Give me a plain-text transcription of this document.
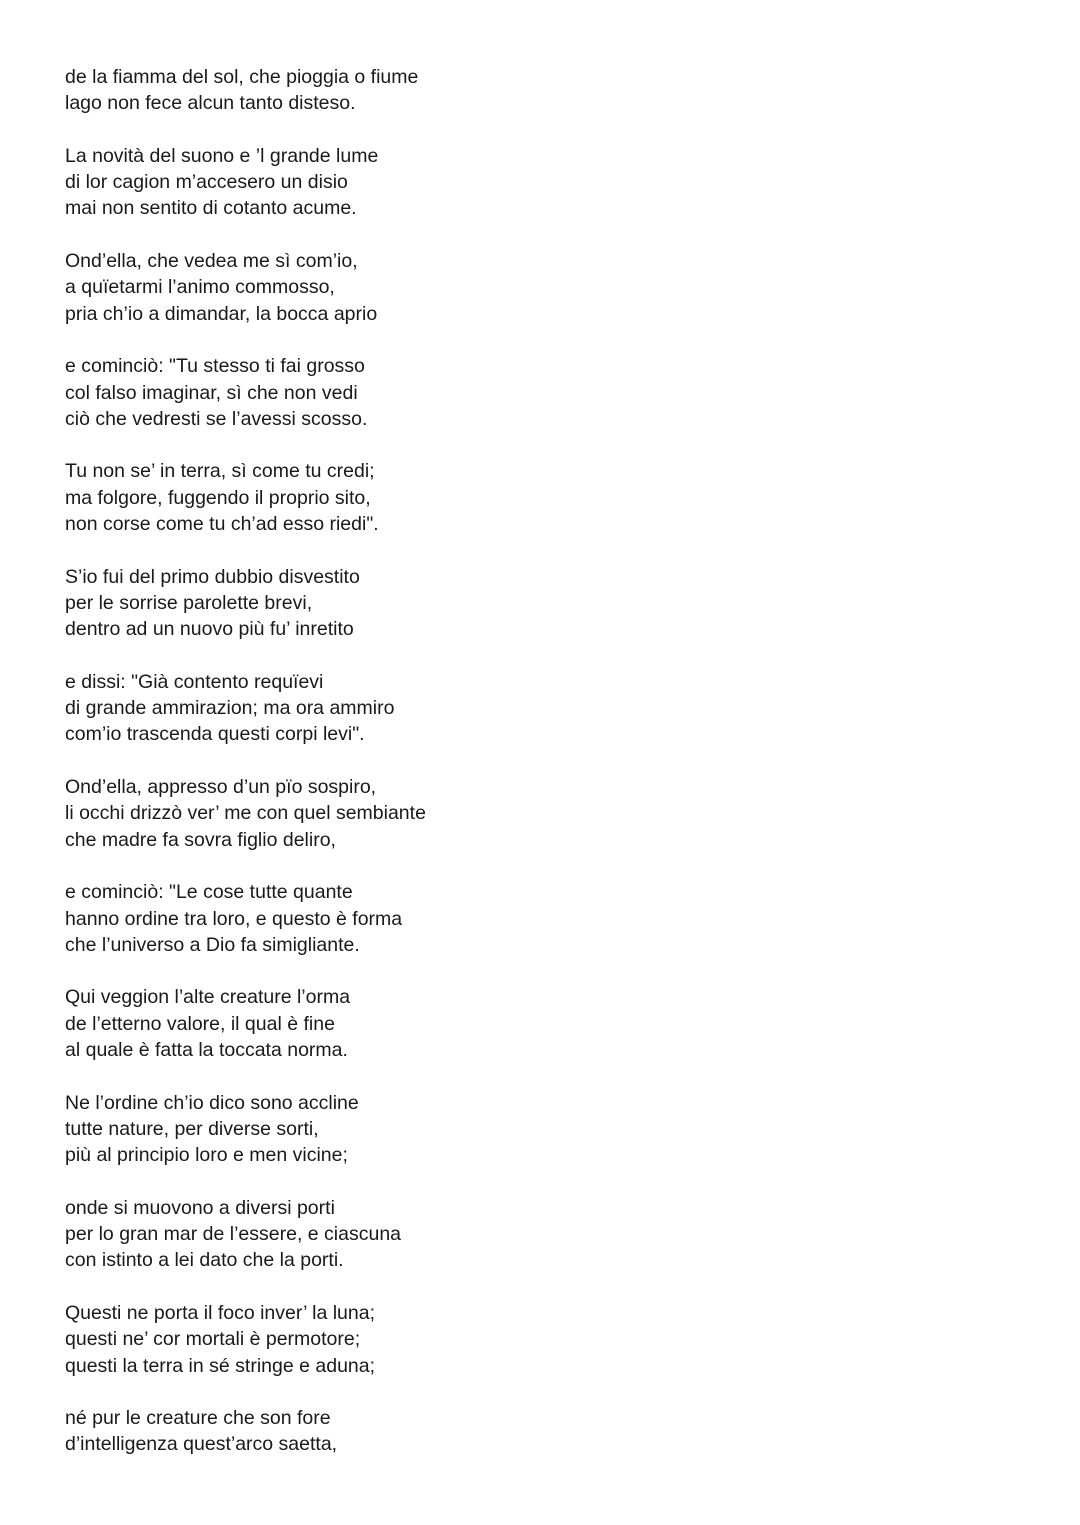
de la fiamma del sol, che pioggia o fiume
lago non fece alcun tanto disteso.
La novità del suono e ’l grande lume
di lor cagion m’accesero un disio
mai non sentito di cotanto acume.
Ond’ella, che vedea me sì com’io,
a quïetarmi l’animo commosso,
pria ch’io a dimandar, la bocca aprio
e cominciò: "Tu stesso ti fai grosso
col falso imaginar, sì che non vedi
ciò che vedresti se l’avessi scosso.
Tu non se’ in terra, sì come tu credi;
ma folgore, fuggendo il proprio sito,
non corse come tu ch’ad esso riedi".
S’io fui del primo dubbio disvestito
per le sorrise parolette brevi,
dentro ad un nuovo più fu’ inretito
e dissi: "Già contento requïevi
di grande ammirazion; ma ora ammiro
com’io trascenda questi corpi levi".
Ond’ella, appresso d’un pïo sospiro,
li occhi drizzò ver’ me con quel sembiante
che madre fa sovra figlio deliro,
e cominciò: "Le cose tutte quante
hanno ordine tra loro, e questo è forma
che l’universo a Dio fa simigliante.
Qui veggion l’alte creature l’orma
de l’etterno valore, il qual è fine
al quale è fatta la toccata norma.
Ne l’ordine ch’io dico sono accline
tutte nature, per diverse sorti,
più al principio loro e men vicine;
onde si muovono a diversi porti
per lo gran mar de l’essere, e ciascuna
con istinto a lei dato che la porti.
Questi ne porta il foco inver’ la luna;
questi ne’ cor mortali è permotore;
questi la terra in sé stringe e aduna;
né pur le creature che son fore
d’intelligenza quest’arco saetta,
